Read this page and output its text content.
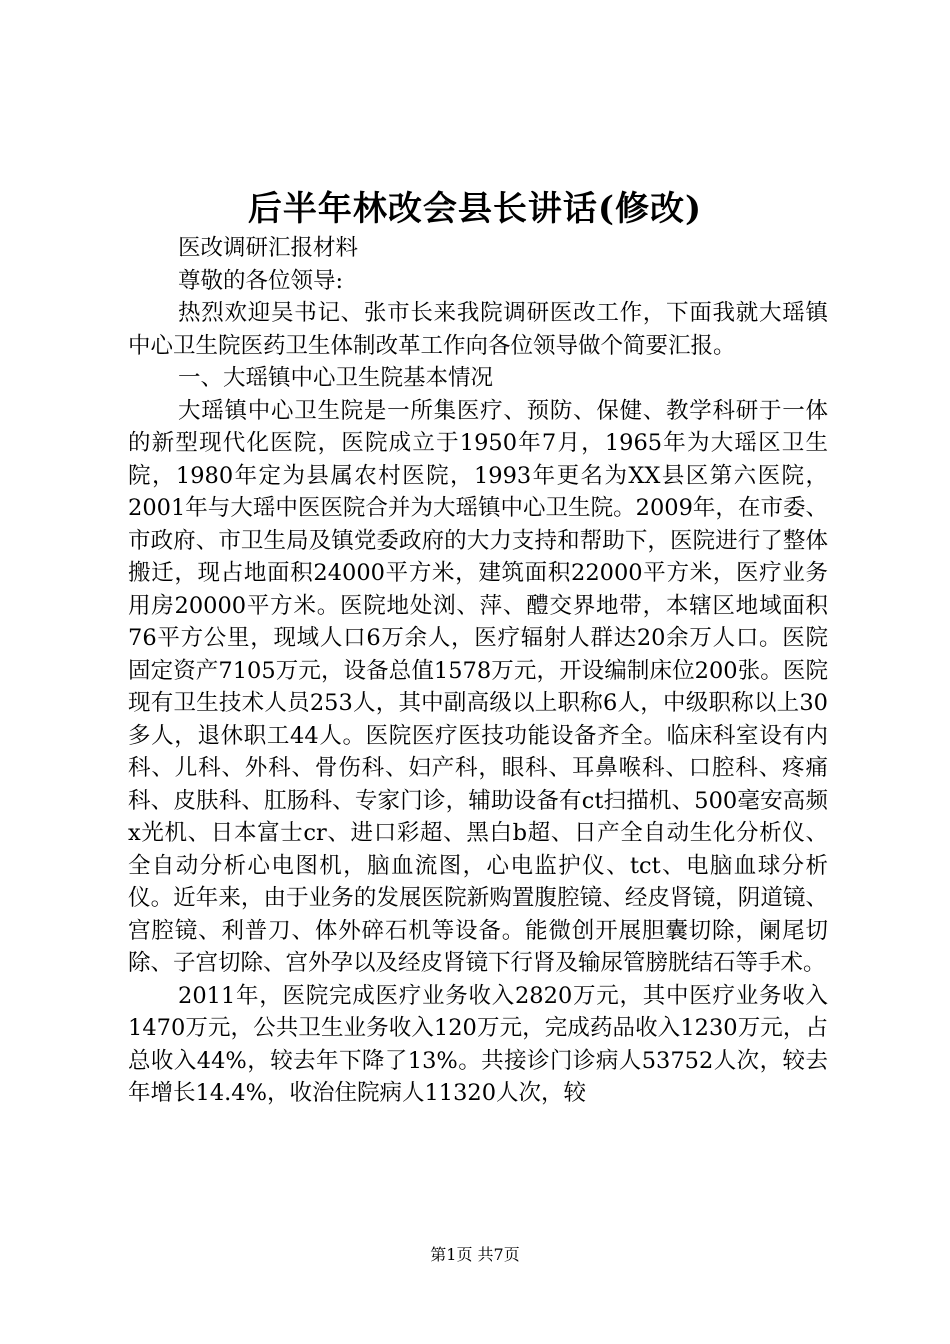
后半年林改会县长讲话(修改)

医改调研汇报材料

尊敬的各位领导:

热烈欢迎吴书记、张市长来我院调研医改工作，下面我就大瑶镇中心卫生院医药卫生体制改革工作向各位领导做个简要汇报。

一、大瑶镇中心卫生院基本情况

大瑶镇中心卫生院是一所集医疗、预防、保健、教学科研于一体的新型现代化医院，医院成立于1950年7月，1965年为大瑶区卫生院，1980年定为县属农村医院，1993年更名为XX县区第六医院，2001年与大瑶中医医院合并为大瑶镇中心卫生院。2009年，在市委、市政府、市卫生局及镇党委政府的大力支持和帮助下，医院进行了整体搬迁，现占地面积24000平方米，建筑面积22000平方米，医疗业务用房20000平方米。医院地处浏、萍、醴交界地带，本辖区地域面积76平方公里，现域人口6万余人，医疗辐射人群达20余万人口。医院固定资产7105万元，设备总值1578万元，开设编制床位200张。医院现有卫生技术人员253人，其中副高级以上职称6人，中级职称以上30多人，退休职工44人。医院医疗医技功能设备齐全。临床科室设有内科、儿科、外科、骨伤科、妇产科，眼科、耳鼻喉科、口腔科、疼痛科、皮肤科、肛肠科、专家门诊，辅助设备有ct扫描机、500毫安高频x光机、日本富士cr、进口彩超、黑白b超、日产全自动生化分析仪、全自动分析心电图机，脑血流图，心电监护仪、tct、电脑血球分析仪。近年来，由于业务的发展医院新购置腹腔镜、经皮肾镜，阴道镜、宫腔镜、利普刀、体外碎石机等设备。能微创开展胆囊切除，阑尾切除、子宫切除、宫外孕以及经皮肾镜下行肾及输尿管膀胱结石等手术。

2011年，医院完成医疗业务收入2820万元，其中医疗业务收入1470万元，公共卫生业务收入120万元，完成药品收入1230万元，占总收入44%，较去年下降了13%。共接诊门诊病人53752人次，较去年增长14.4%，收治住院病人11320人次，较

第1页 共7页
